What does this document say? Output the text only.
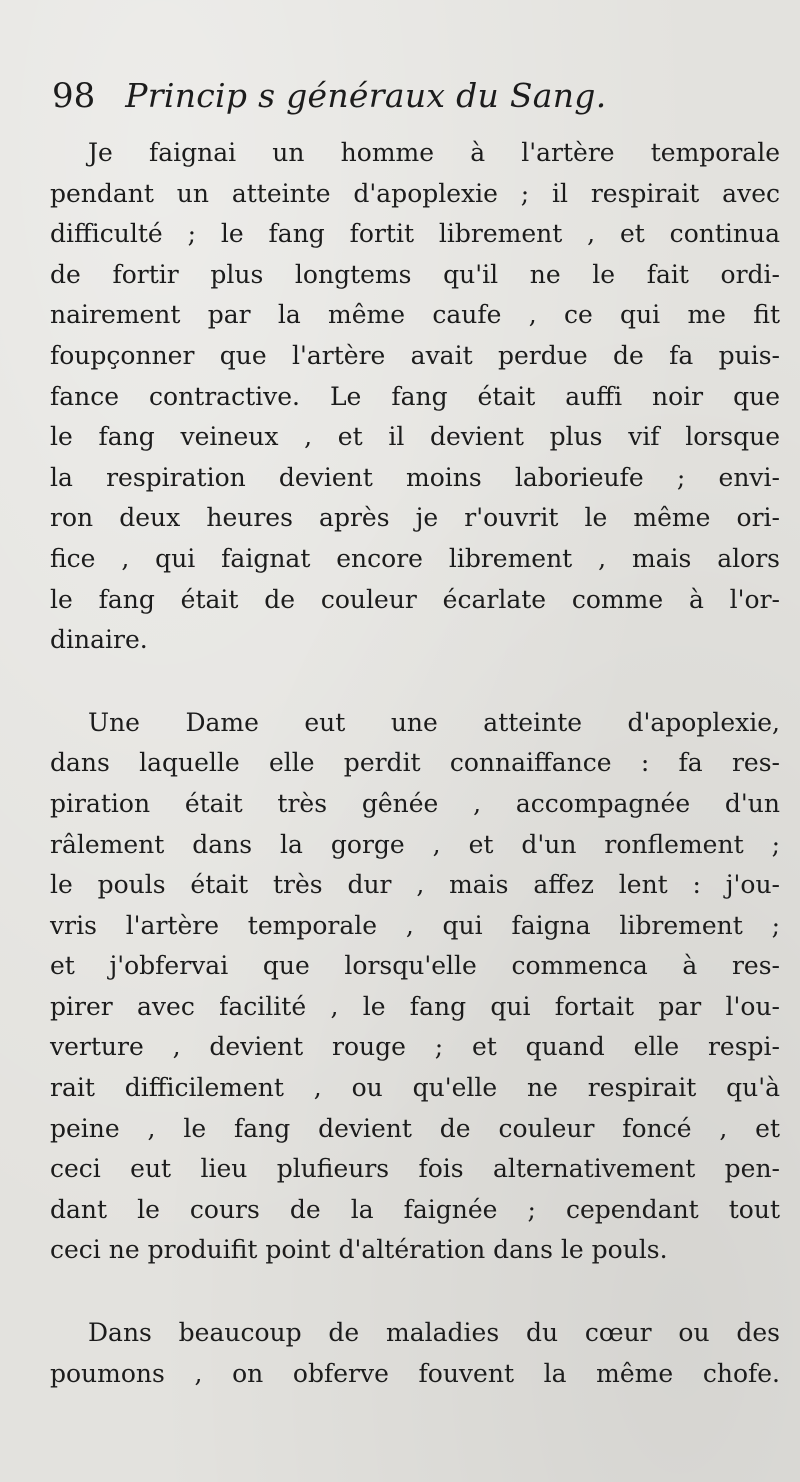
98 Princip s généraux du Sang.
Je faignai un homme à l'artère temporale
pendant un atteinte d'apoplexie ; il respirait avec
difficulté ; le fang fortit librement , et continua
de fortir plus longtems qu'il ne le fait ordi-
nairement par la même caufe , ce qui me fit
foupçonner que l'artère avait perdue de fa puis-
fance contractive. Le fang était auffi noir que
le fang veineux , et il devient plus vif lorsque
la respiration devient moins laborieufe ; envi-
ron deux heures après je r'ouvrit le même ori-
fice , qui faignat encore librement , mais alors
le fang était de couleur écarlate comme à l'or-
dinaire.
Une Dame eut une atteinte d'apoplexie,
dans laquelle elle perdit connaiffance : fa res-
piration était très gênée , accompagnée d'un
râlement dans la gorge , et d'un ronflement ;
le pouls était très dur , mais affez lent : j'ou-
vris l'artère temporale , qui faigna librement ;
et j'obfervai que lorsqu'elle commenca à res-
pirer avec facilité , le fang qui fortait par l'ou-
verture , devient rouge ; et quand elle respi-
rait difficilement , ou qu'elle ne respirait qu'à
peine , le fang devient de couleur foncé , et
ceci eut lieu plufieurs fois alternativement pen-
dant le cours de la faignée ; cependant tout
ceci ne produifit point d'altération dans le pouls.
Dans beaucoup de maladies du cœur ou des
poumons , on obferve fouvent la même chofe.
